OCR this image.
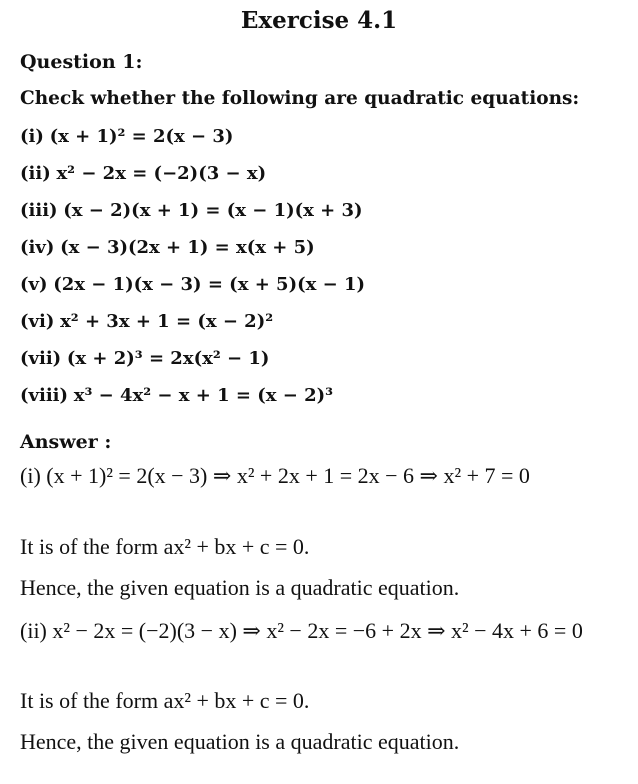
Exercise 4.1
Question 1:
Check whether the following are quadratic equations:
(i) (x + 1)² = 2(x − 3)
(ii) x² − 2x = (−2)(3 − x)
(iii) (x − 2)(x + 1) = (x − 1)(x + 3)
(iv) (x − 3)(2x + 1) = x(x + 5)
(v) (2x − 1)(x − 3) = (x + 5)(x − 1)
(vi) x² + 3x + 1 = (x − 2)²
(vii) (x + 2)³ = 2x(x² − 1)
(viii) x³ − 4x² − x + 1 = (x − 2)³
Answer :
(i) (x + 1)² = 2(x − 3) ⇒ x² + 2x + 1 = 2x − 6 ⇒ x² + 7 = 0
It is of the form ax² + bx + c = 0.
Hence, the given equation is a quadratic equation.
(ii) x² − 2x = (−2)(3 − x) ⇒ x² − 2x = −6 + 2x ⇒ x² − 4x + 6 = 0
It is of the form ax² + bx + c = 0.
Hence, the given equation is a quadratic equation.
